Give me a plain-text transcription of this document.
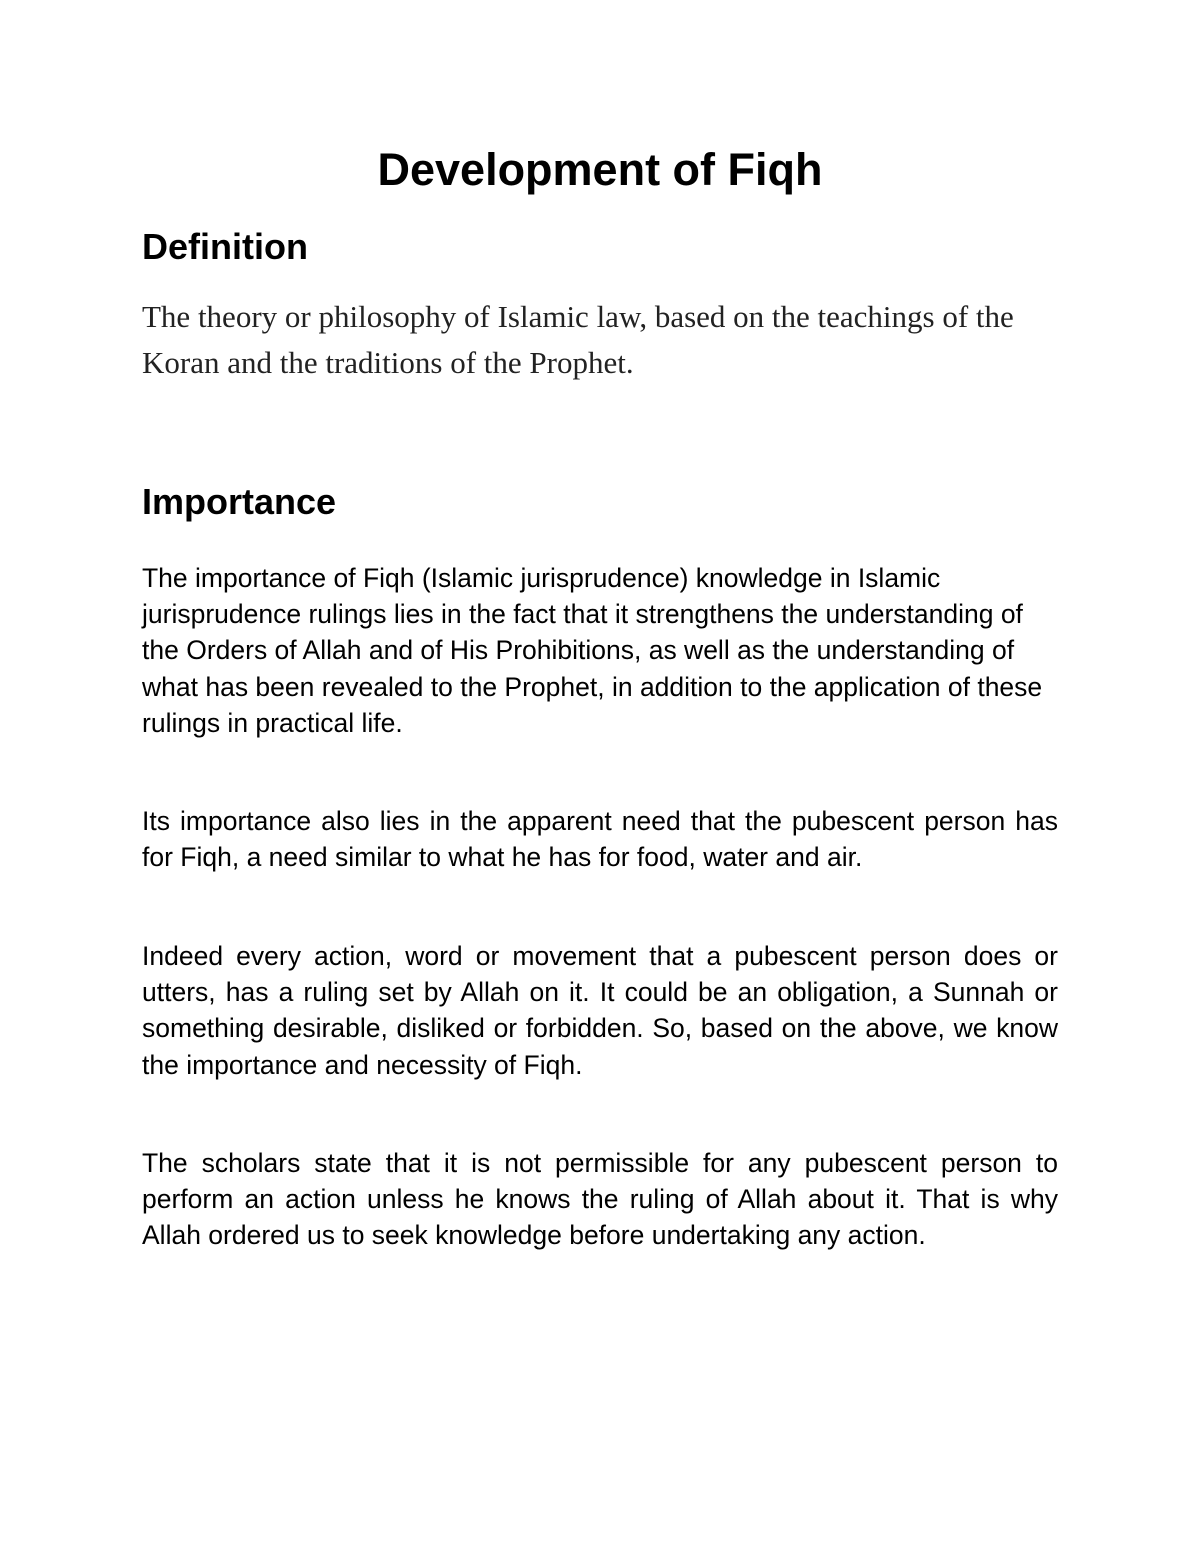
Development of Fiqh
Definition

The theory or philosophy of Islamic law, based on the teachings of the Koran and the traditions of the Prophet.

Importance

The importance of Fiqh (Islamic jurisprudence) knowledge in Islamic jurisprudence rulings lies in the fact that it strengthens the understanding of the Orders of Allah and of His Prohibitions, as well as the understanding of what has been revealed to the Prophet, in addition to the application of these rulings in practical life.

Its importance also lies in the apparent need that the pubescent person has for Fiqh, a need similar to what he has for food, water and air.

Indeed every action, word or movement that a pubescent person does or utters, has a ruling set by Allah on it. It could be an obligation, a Sunnah or something desirable, disliked or forbidden. So, based on the above, we know the importance and necessity of Fiqh.

The scholars state that it is not permissible for any pubescent person to perform an action unless he knows the ruling of Allah about it. That is why Allah ordered us to seek knowledge before undertaking any action.
